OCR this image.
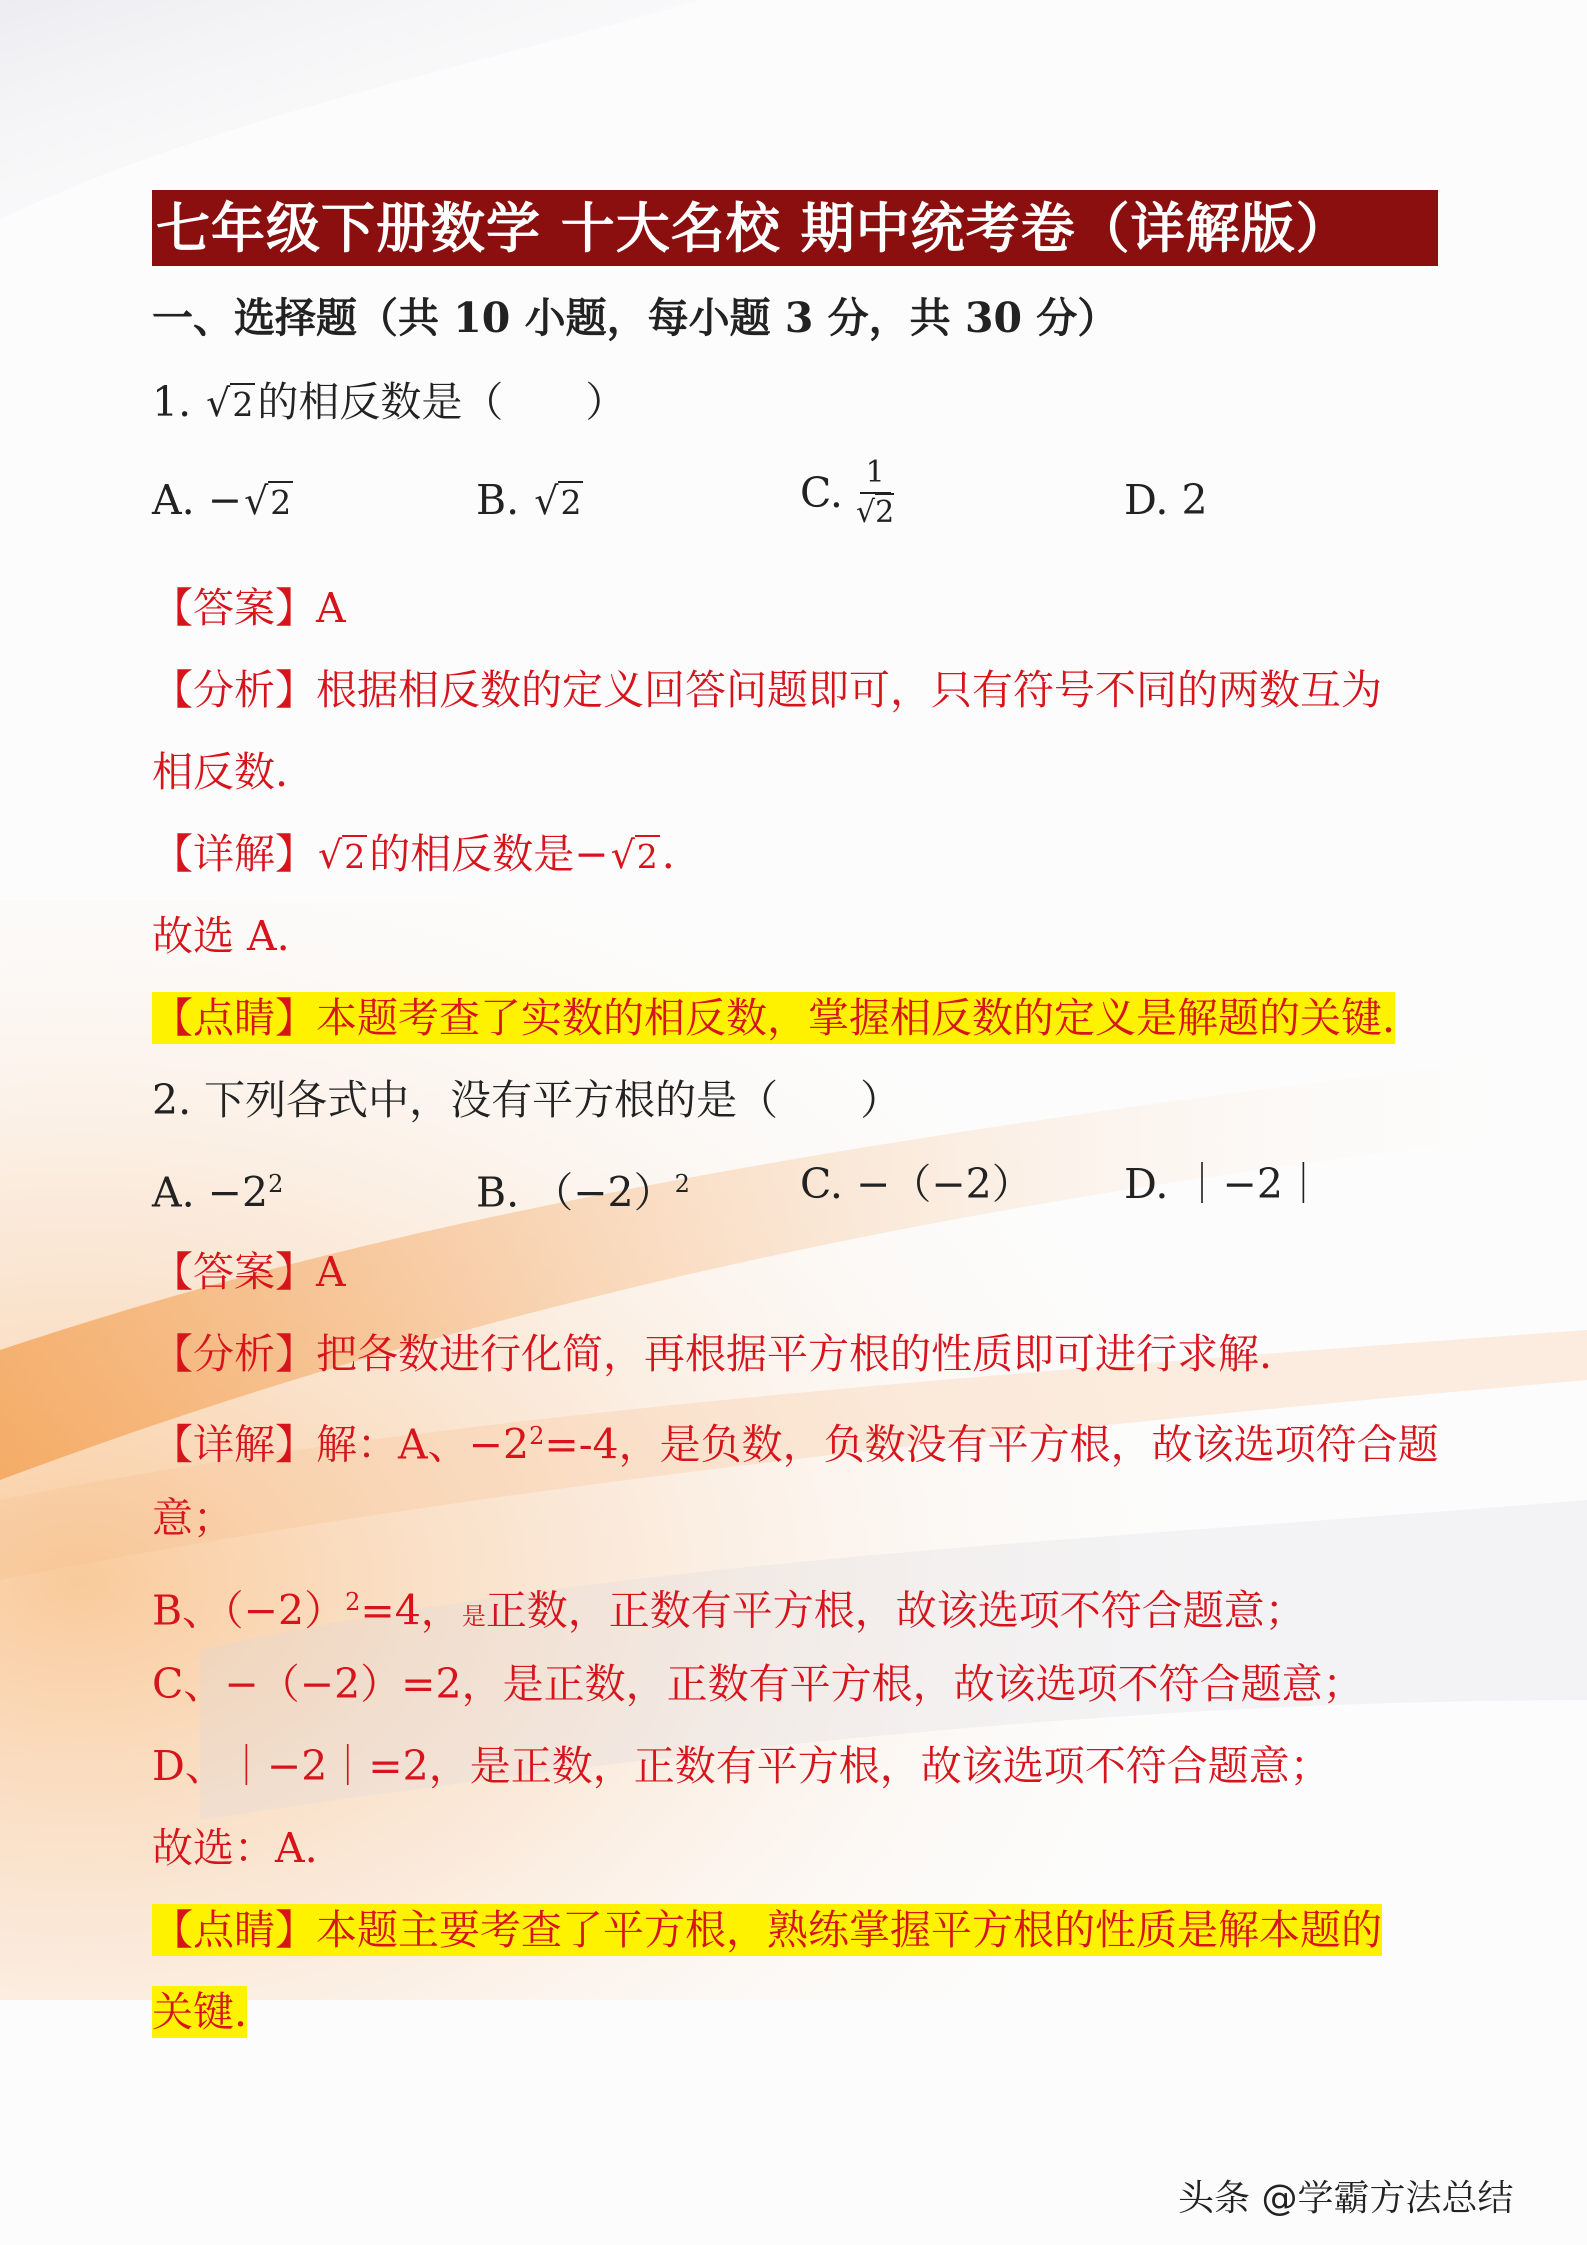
七年级下册数学 十大名校 期中统考卷（详解版）
一、选择题（共 10 小题，每小题 3 分，共 30 分）
1. √2的相反数是（　　）
A. −√2	B. √2	C. $\frac{1}{√2}$	D. 2
【答案】A
【分析】根据相反数的定义回答问题即可，只有符号不同的两数互为
相反数.
【详解】√2的相反数是−√2.
故选 A.
【点睛】本题考查了实数的相反数，掌握相反数的定义是解题的关键.
2. 下列各式中，没有平方根的是（　　）
A. $-2^2$	B. $(-2)^2$	C. −（−2） D. ｜−2｜
【答案】A
【分析】把各数进行化简，再根据平方根的性质即可进行求解.
【详解】解：A、$-2^2=-4$，是负数，负数没有平方根，故该选项符合题
意；
B、$(-2)^2=4$，是正数，正数有平方根，故该选项不符合题意；
C、−（−2）=2，是正数，正数有平方根，故该选项不符合题意；
D、｜−2｜=2，是正数，正数有平方根，故该选项不符合题意；
故选：A.
【点睛】本题主要考查了平方根，熟练掌握平方根的性质是解本题的
关键.
头条 @学霸方法总结
